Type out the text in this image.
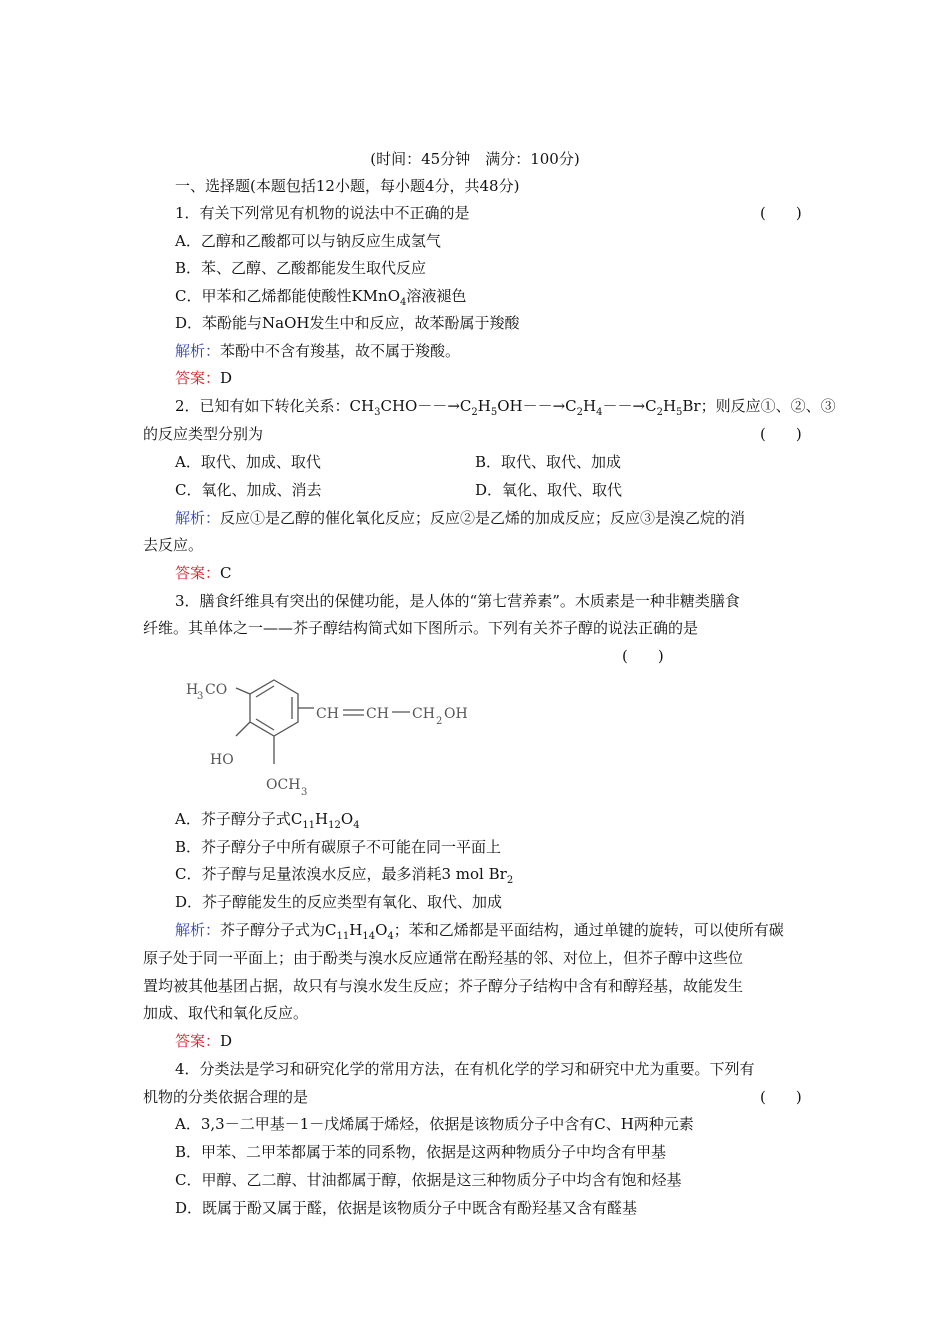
(时间：45分钟　满分：100分)
一、选择题(本题包括12小题，每小题4分，共48分)
1．有关下列常见有机物的说法中不正确的是	(　　)
A．乙醇和乙酸都可以与钠反应生成氢气
B．苯、乙醇、乙酸都能发生取代反应
C．甲苯和乙烯都能使酸性KMnO$_4$溶液褪色
D．苯酚能与NaOH发生中和反应，故苯酚属于羧酸
解析：苯酚中不含有羧基，故不属于羧酸。
答案：D
2．已知有如下转化关系：$CH_3CHO--\to C_2H_5OH--\to C_2H_4--\to C_2H_5Br$；则反应①、②、③
的反应类型分别为	(　　)
A．取代、加成、取代	B．取代、取代、加成
C．氧化、加成、消去	D．氧化、取代、取代
解析：反应①是乙醇的催化氧化反应；反应②是乙烯的加成反应；反应③是溴乙烷的消
去反应。
答案：C
3．膳食纤维具有突出的保健功能，是人体的“第七营养素”。木质素是一种非糖类膳食
纤维。其单体之一——芥子醇结构简式如下图所示。下列有关芥子醇的说法正确的是
(　　)
H
3 CO
CH CH CH 2 OH
HO
OCH 3
A．芥子醇分子式$C_{11}H_{12}O_4$
B．芥子醇分子中所有碳原子不可能在同一平面上
C．芥子醇与足量浓溴水反应，最多消耗3 mol $Br_2$
D．芥子醇能发生的反应类型有氧化、取代、加成
解析：芥子醇分子式为$C_{11}H_{14}O_4$；苯和乙烯都是平面结构，通过单键的旋转，可以使所有碳
原子处于同一平面上；由于酚类与溴水反应通常在酚羟基的邻、对位上，但芥子醇中这些位
置均被其他基团占据，故只有与溴水发生反应；芥子醇分子结构中含有和醇羟基，故能发生
加成、取代和氧化反应。
答案：D
4．分类法是学习和研究化学的常用方法，在有机化学的学习和研究中尤为重要。下列有
机物的分类依据合理的是	(　　)
A．3,3－二甲基－1－戊烯属于烯烃，依据是该物质分子中含有C、H两种元素
B．甲苯、二甲苯都属于苯的同系物，依据是这两种物质分子中均含有甲基
C．甲醇、乙二醇、甘油都属于醇，依据是这三种物质分子中均含有饱和烃基
D．既属于酚又属于醛，依据是该物质分子中既含有酚羟基又含有醛基
